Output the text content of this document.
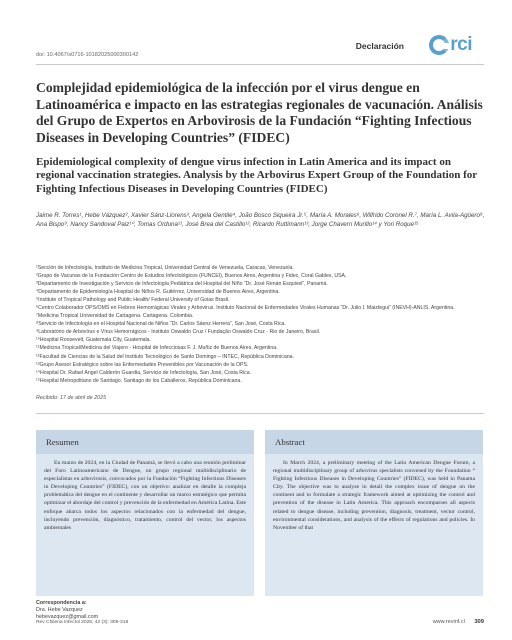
doi: 10.4067/s0716-10182025000300142
Declaración rci
Complejidad epidemiológica de la infección por el virus dengue en Latinoamérica e impacto en las estrategias regionales de vacunación. Análisis del Grupo de Expertos en Arbovirosis de la Fundación “Fighting Infectious Diseases in Developing Countries” (FIDEC)
Epidemiological complexity of dengue virus infection in Latin America and its impact on regional vaccination strategies. Analysis by the Arbovirus Expert Group of the Foundation for Fighting Infectious Diseases in Developing Countries (FIDEC)

Jaime R. Torres¹, Hebe Vázquez², Xavier Sánz-Llorens³, Angela Gentile⁴, João Bosco Siqueira Jr.⁵, María A. Morales⁶, Wilfrido Coronel R.⁷, María L. Avila-Agüero⁸, Ana Bispo⁹, Nancy Sandoval Paiz¹⁰, Tomas Orduna¹¹, José Brea del Castillo¹², Ricardo Ruttimann¹³, Jorge Chaverri Murillo¹⁴ y Yori Roque¹⁵

¹Sección de Infectología, Instituto de Medicina Tropical, Universidad Central de Venezuela, Caracas, Venezuela.
²Grupo de Vacunas de la Fundación Centro de Estudios Infectológicos (FUNCEI), Buenos Aires, Argentina y Fidec, Coral Gables, USA.
³Departamento de Investigación y Servicio de Infectología Pediátrica del Hospital del Niño “Dr. José Renán Esquivel”, Panamá.
⁴Departamento de Epidemiología Hospital de Niños R. Gutiérrez, Universidad de Buenos Aires, Argentina.
⁵Institute of Tropical Pathology and Public Health/ Federal University of Goias Brasil.
⁶Centro Colaborador OPS/OMS en Fiebres Hemorrágicas Virales y Arbovirus. Instituto Nacional de Enfermedades Virales Humanas “Dr. Julio I. Maiztegui” (INEVH)-ANLIS. Argentina.
⁷Medicina Tropical Universidad de Cartagena. Cartagena. Colombia.
⁸Servicio de Infectología en el Hospital Nacional de Niños “Dr. Carlos Sáenz Herrera”, San José, Costa Rica.
⁹Laboratório de Arbovírus e Vírus Hemorrágicos - Instituto Oswaldo Cruz / Fundação Oswaldo Cruz - Rio de Janeiro, Brasil.
¹⁰Hospital Roosevelt, Guatemala City, Guatemala.
¹¹Medicina Tropical/Medicina del Viajero - Hospital de Infecciosas F. J. Muñiz de Buenos Aires, Argentina.
¹²Facultad de Ciencias de la Salud del Instituto Tecnológico de Santo Domingo – INTEC, República Dominicana.
¹³Grupo Asesor Estratégico sobre las Enfermedades Prevenibles por Vacunación de la OPS.
¹⁴Hospital Dr. Rafael Angel Calderón Guardia, Servicio de Infectología, San José, Costa Rica.
¹⁵Hospital Metropolitano de Santiago. Santiago de los Caballeros, República Dominicana.

Recibido: 17 de abril de 2025

Resumen

En marzo de 2024, en la Ciudad de Panamá, se llevó a cabo una reunión preliminar del Foro Latinoamericano de Dengue, un grupo regional multidisciplinario de especialistas en arbovirosis, convocados por la Fundación “Fighting Infectious Diseases in Developing Countries” (FIDEC), con un objetivo: analizar en detalle la compleja problemática del dengue en el continente y desarrollar un marco estratégico que permita optimizar el abordaje del control y prevención de la enfermedad en América Latina. Este enfoque abarca todos los aspectos relacionados con la enfermedad del dengue, incluyendo prevención, diagnóstico, tratamiento, control del vector, los aspectos ambientales

Abstract

In March 2024, a preliminary meeting of the Latin American Dengue Forum, a regional multidisciplinary group of arbovirus specialists convened by the Foundation “ Fighting Infectious Diseases in Developing Countries” (FIDEC), was held in Panama City. The objective was to analyze in detail the complex issue of dengue on the continent and to formulate a strategic framework aimed at optimizing the control and prevention of the disease in Latin America. This approach encompasses all aspects related to dengue disease, including prevention, diagnosis, treatment, vector control, environmental considerations, and analysis of the effects of regulations and policies. In November of that

Correspondencia a:
Dra. Hebe Vazquez
hebevazquez@gmail.com
Rev Chilena Infectol 2025; 42 (3): 309-318	www.revinf.cl 309
